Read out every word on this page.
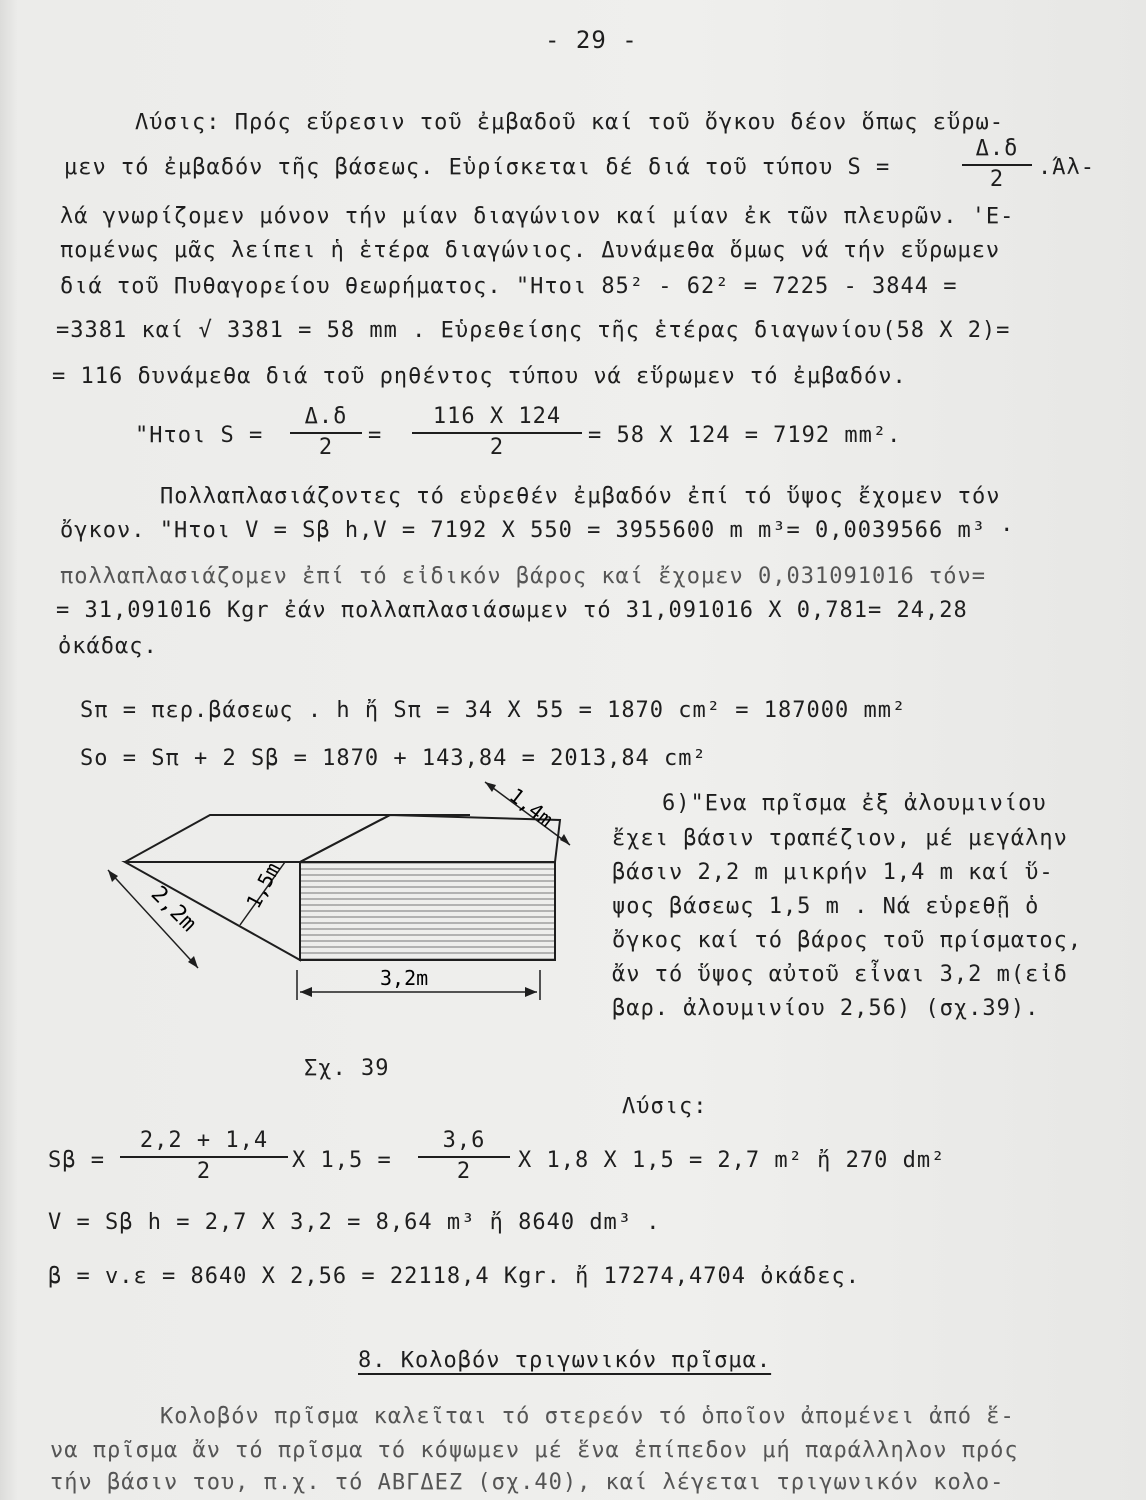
- 29 -
Λύσις: Πρός εὕρεσιν τοῦ ἐμβαδοῦ καί τοῦ ὄγκου δέον ὅπως εὕρω-
μεν τό ἐμβαδόν τῆς βάσεως. Εὑρίσκεται δέ διά τοῦ τύπου S =	$\frac{\Delta.\delta}{2} .Ά\lambda-$
λά γνωρίζομεν μόνον τήν μίαν διαγώνιον καί μίαν ἐκ τῶν πλευρῶν. 'Ε-
πομένως μᾶς λείπει ἡ ἑτέρα διαγώνιος. Δυνάμεθα ὅμως νά τήν εὕρωμεν
διά τοῦ Πυθαγορείου θεωρήματος. "Ητοι 85² - 62² = 7225 - 3844 =
=3381 καί √ 3381 = 58 mm . Εὑρεθείσης τῆς ἑτέρας διαγωνίου(58 X 2)=
= 116 δυνάμεθα διά τοῦ ρηθέντος τύπου νά εὕρωμεν τό ἐμβαδόν.
"Ητοι $S = \frac{\Delta.\delta}{2} = \frac{116 X 124}{2} = 58$ X 124 = 7192 mm².
Πολλαπλασιάζοντες τό εὑρεθέν ἐμβαδόν ἐπί τό ὕψος ἔχομεν τόν
ὄγκον. "Ητοι V = Sβ h,V = 7192 X 550 = 3955600 m m³= 0,0039566 m³ ·
πολλαπλασιάζομεν ἐπί τό εἰδικόν βάρος καί ἔχομεν 0,031091016 τόν=
= 31,091016 Kgr ἐάν πολλαπλασιάσωμεν τό 31,091016 X 0,781= 24,28
ὀκάδας.
Sπ = περ.βάσεως . h ἤ Sπ = 34 X 55 = 1870 cm² = 187000 mm²
So = Sπ + 2 Sβ = 1870 + 143,84 = 2013,84 cm²
6)"Ενα πρῖσμα ἐξ ἀλουμινίου
ἔχει βάσιν τραπέζιον, μέ μεγάλην
βάσιν 2,2 m μικρήν 1,4 m καί ὕ-
ψος βάσεως 1,5 m . Νά εὑρεθῇ ὁ
ὄγκος καί τό βάρος τοῦ πρίσματος,
ἄν τό ὕψος αὐτοῦ εἶναι 3,2 m(εἰδ
βαρ. ἀλουμινίου 2,56) (σχ.39).
1,4m
1,5m
2,2m
3,2m
Σχ. 39
Λύσις:
$S\beta = \frac{2,2 + 1,4}{2}$ X $1,5 = \frac{3,6}{2}$ X 1,8 X 1,5 = 2,7 m² ἤ 270 dm²
V = Sβ h = 2,7 X 3,2 = 8,64 m³ ἤ 8640 dm³ .
β = v.ε = 8640 X 2,56 = 22118,4 Kgr. ἤ 17274,4704 ὀκάδες.
8. Κολοβόν τριγωνικόν πρῖσμα.
Κολοβόν πρῖσμα καλεῖται τό στερεόν τό ὁποῖον ἀπομένει ἀπό ἕ-
να πρῖσμα ἄν τό πρῖσμα τό κόψωμεν μέ ἕνα ἐπίπεδον μή παράλληλον πρός
τήν βάσιν του, π.χ. τό ΑΒΓΔΕΖ (σχ.40), καί λέγεται τριγωνικόν κολο-
